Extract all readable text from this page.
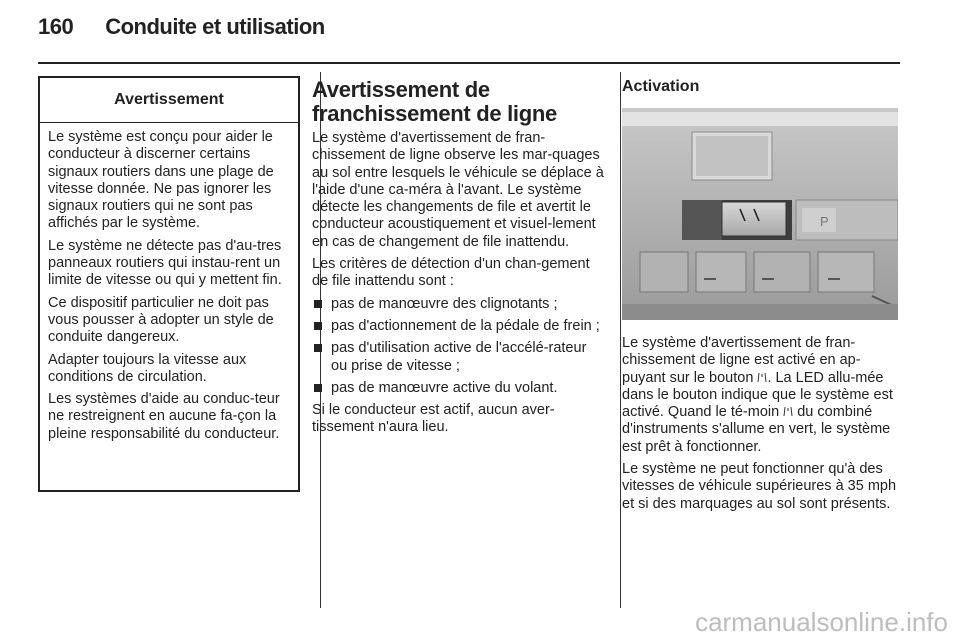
160 Conduite et utilisation
Avertissement

Le système est conçu pour aider le conducteur à discerner certains signaux routiers dans une plage de vitesse donnée. Ne pas ignorer les signaux routiers qui ne sont pas affichés par le système.

Le système ne détecte pas d'au-tres panneaux routiers qui instau-rent un limite de vitesse ou qui y mettent fin.

Ce dispositif particulier ne doit pas vous pousser à adopter un style de conduite dangereux.

Adapter toujours la vitesse aux conditions de circulation.

Les systèmes d'aide au conduc-teur ne restreignent en aucune fa-çon la pleine responsabilité du conducteur.

Avertissement de franchissement de ligne

Le système d'avertissement de fran-chissement de ligne observe les mar-quages au sol entre lesquels le véhicule se déplace à l'aide d'une ca-méra à l'avant. Le système détecte les changements de file et avertit le conducteur acoustiquement et visuel-lement en cas de changement de file inattendu.

Les critères de détection d'un chan-gement de file inattendu sont :

pas de manœuvre des clignotants ;
pas d'actionnement de la pédale de frein ;
pas d'utilisation active de l'accélé-rateur ou prise de vitesse ;
pas de manœuvre active du volant.

Si le conducteur est actif, aucun aver-tissement n'aura lieu.

Activation
P

Le système d'avertissement de fran-chissement de ligne est activé en ap-puyant sur le bouton . La LED allu-mée dans le bouton indique que le système est activé. Quand le té-moin du combiné d'instruments s'allume en vert, le système est prêt à fonctionner.

Le système ne peut fonctionner qu'à des vitesses de véhicule supérieures à 35 mph et si des marquages au sol sont présents.

carmanualsonline.info
